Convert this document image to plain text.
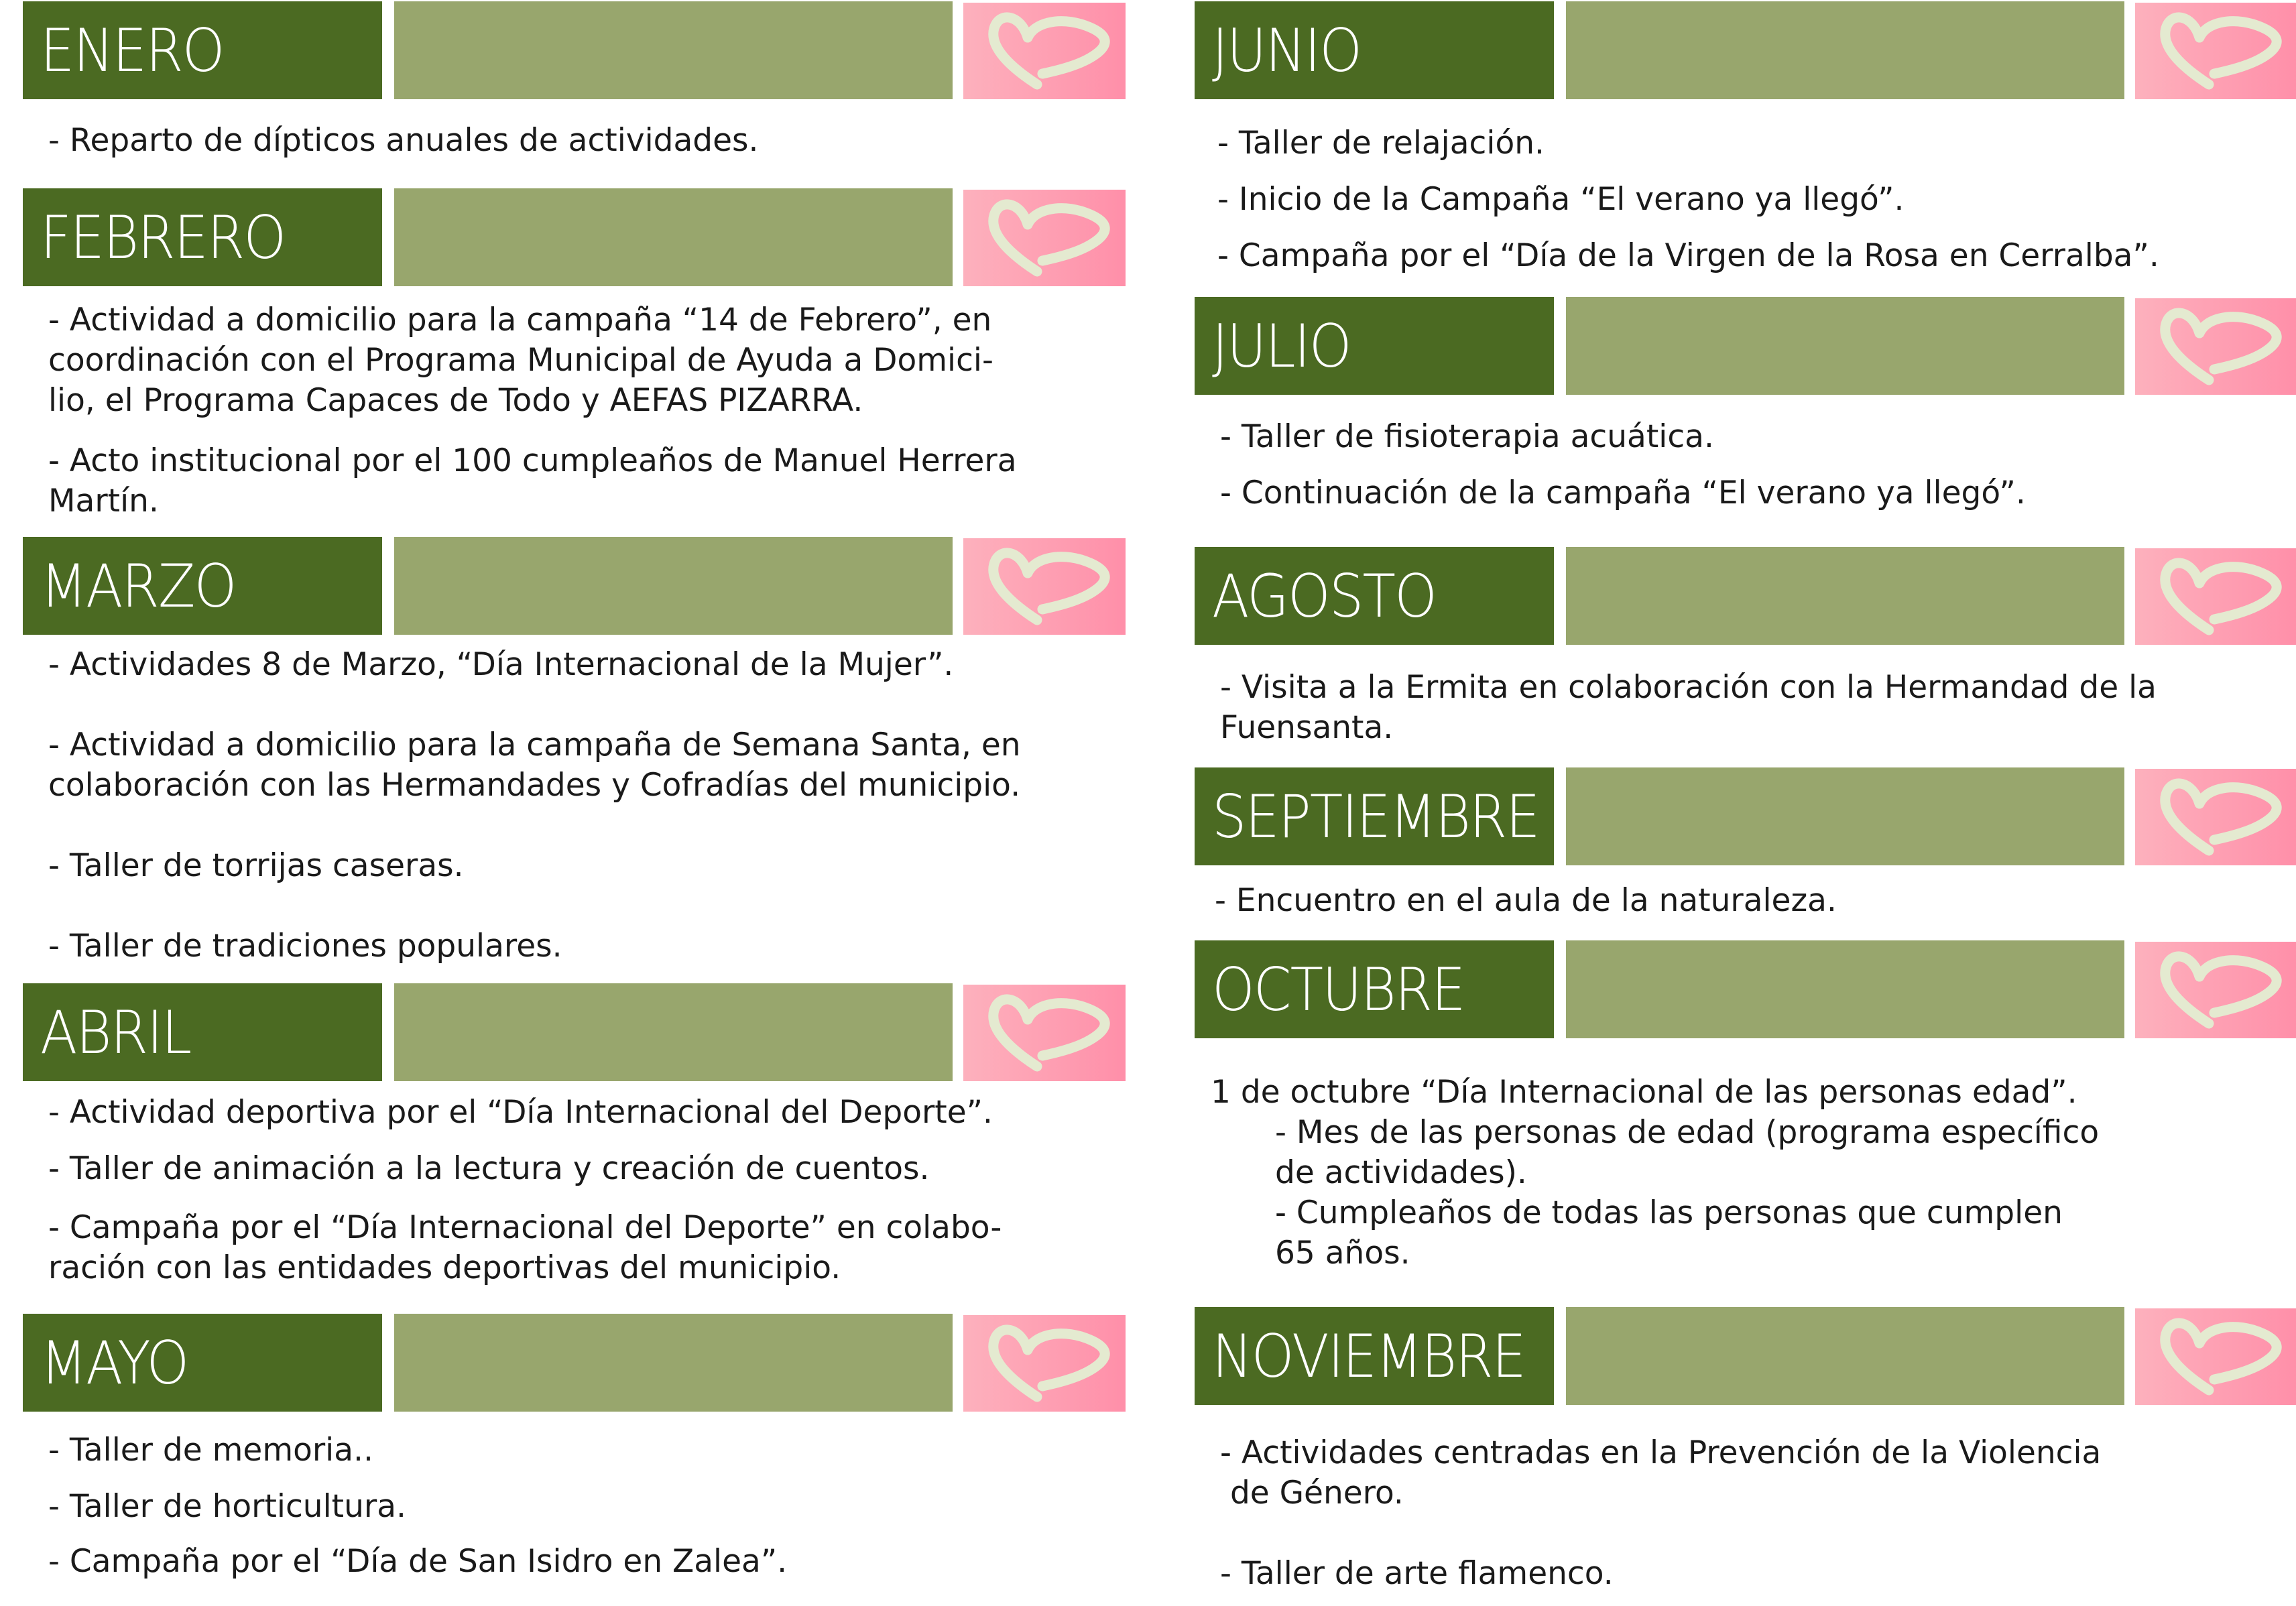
ENERO
- Reparto de dípticos anuales de actividades.
FEBRERO
- Actividad a domicilio para la campaña “14 de Febrero”, en
coordinación con el Programa Municipal de Ayuda a Domici-
lio, el Programa Capaces de Todo y AEFAS PIZARRA.
- Acto institucional por el 100 cumpleaños de Manuel Herrera
Martín.
MARZO
- Actividades 8 de Marzo, “Día Internacional de la Mujer”.
- Actividad a domicilio para la campaña de Semana Santa, en
colaboración con las Hermandades y Cofradías del municipio.
- Taller de torrijas caseras.
- Taller de tradiciones populares.
ABRIL
- Actividad deportiva por el “Día Internacional del Deporte”.
- Taller de animación a la lectura y creación de cuentos.
- Campaña por el “Día Internacional del Deporte” en colabo-
ración con las entidades deportivas del municipio.
MAYO
- Taller de memoria..
- Taller de horticultura.
- Campaña por el “Día de San Isidro en Zalea”.
JUNIO
- Taller de relajación.
- Inicio de la Campaña “El verano ya llegó”.
- Campaña por el “Día de la Virgen de la Rosa en Cerralba”.
JULIO
- Taller de fisioterapia acuática.
- Continuación de la campaña “El verano ya llegó”.
AGOSTO
- Visita a la Ermita en colaboración con la Hermandad de la
Fuensanta.
SEPTIEMBRE
- Encuentro en el aula de la naturaleza.
OCTUBRE
1 de octubre “Día Internacional de las personas edad”.
- Mes de las personas de edad (programa específico
de actividades).
- Cumpleaños de todas las personas que cumplen
65 años.
NOVIEMBRE
- Actividades centradas en la Prevención de la Violencia
de Género.
- Taller de arte flamenco.
